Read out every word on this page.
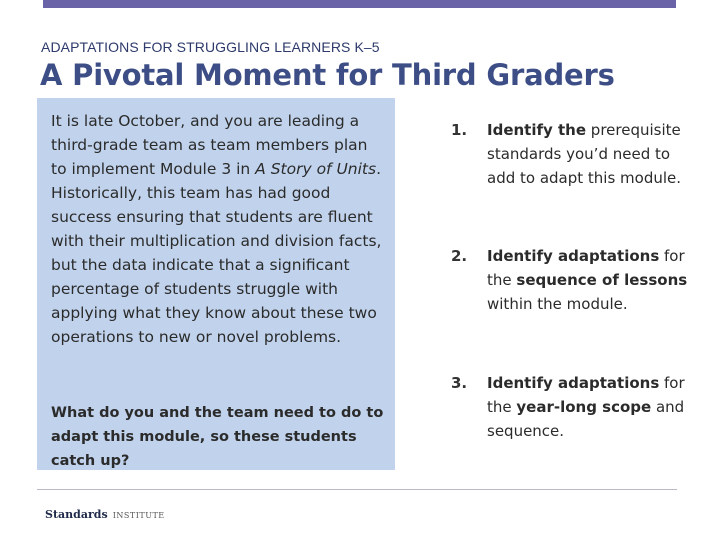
ADAPTATIONS FOR STRUGGLING LEARNERS K–5
A Pivotal Moment for Third Graders

It is late October, and you are leading a third-grade team as team members plan to implement Module 3 in A Story of Units. Historically, this team has had good success ensuring that students are fluent with their multiplication and division facts, but the data indicate that a significant percentage of students struggle with applying what they know about these two operations to new or novel problems.

What do you and the team need to do to adapt this module, so these students catch up?

1. Identify the prerequisite standards you’d need to add to adapt this module.
2. Identify adaptations for the sequence of lessons within the module.
3. Identify adaptations for the year-long scope and sequence.
Standards INSTITUTE
